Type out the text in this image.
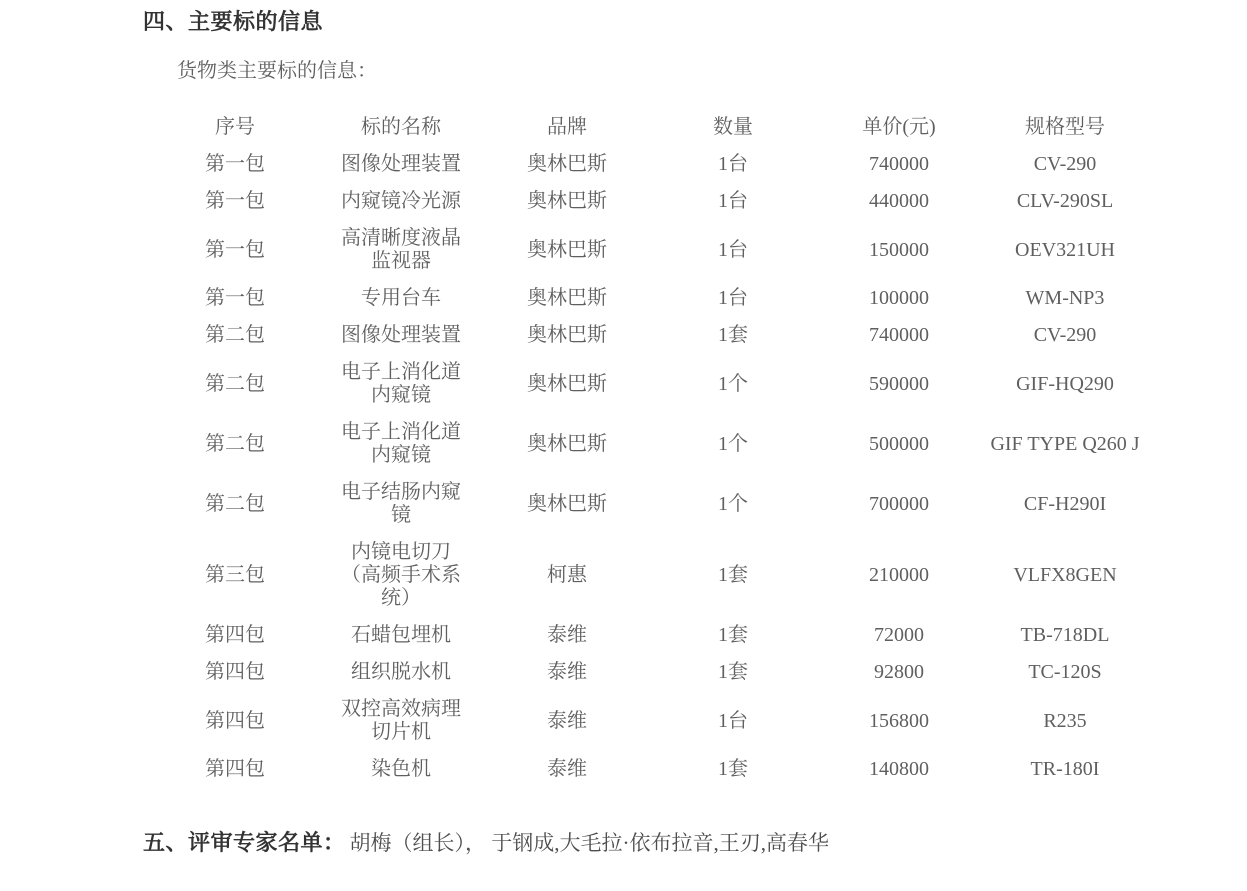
四、主要标的信息

货物类主要标的信息：

序号	标的名称	品牌	数量	单价(元)	规格型号
第一包	图像处理装置	奥林巴斯	1台	740000	CV-290
第一包	内窥镜冷光源	奥林巴斯	1台	440000	CLV-290SL
第一包	高清晰度液晶监视器	奥林巴斯	1台	150000	OEV321UH
第一包	专用台车	奥林巴斯	1台	100000	WM-NP3
第二包	图像处理装置	奥林巴斯	1套	740000	CV-290
第二包	电子上消化道内窥镜	奥林巴斯	1个	590000	GIF-HQ290
第二包	电子上消化道内窥镜	奥林巴斯	1个	500000	GIF TYPE Q260 J
第二包	电子结肠内窥镜	奥林巴斯	1个	700000	CF-H290I
第三包	内镜电切刀（高频手术系统）	柯惠	1套	210000	VLFX8GEN
第四包	石蜡包埋机	泰维	1套	72000	TB-718DL
第四包	组织脱水机	泰维	1套	92800	TC-120S
第四包	双控高效病理切片机	泰维	1台	156800	R235
第四包	染色机	泰维	1套	140800	TR-180I

五、评审专家名单： 胡梅（组长）， 于钢成,大毛拉·依布拉音,王刃,高春华
